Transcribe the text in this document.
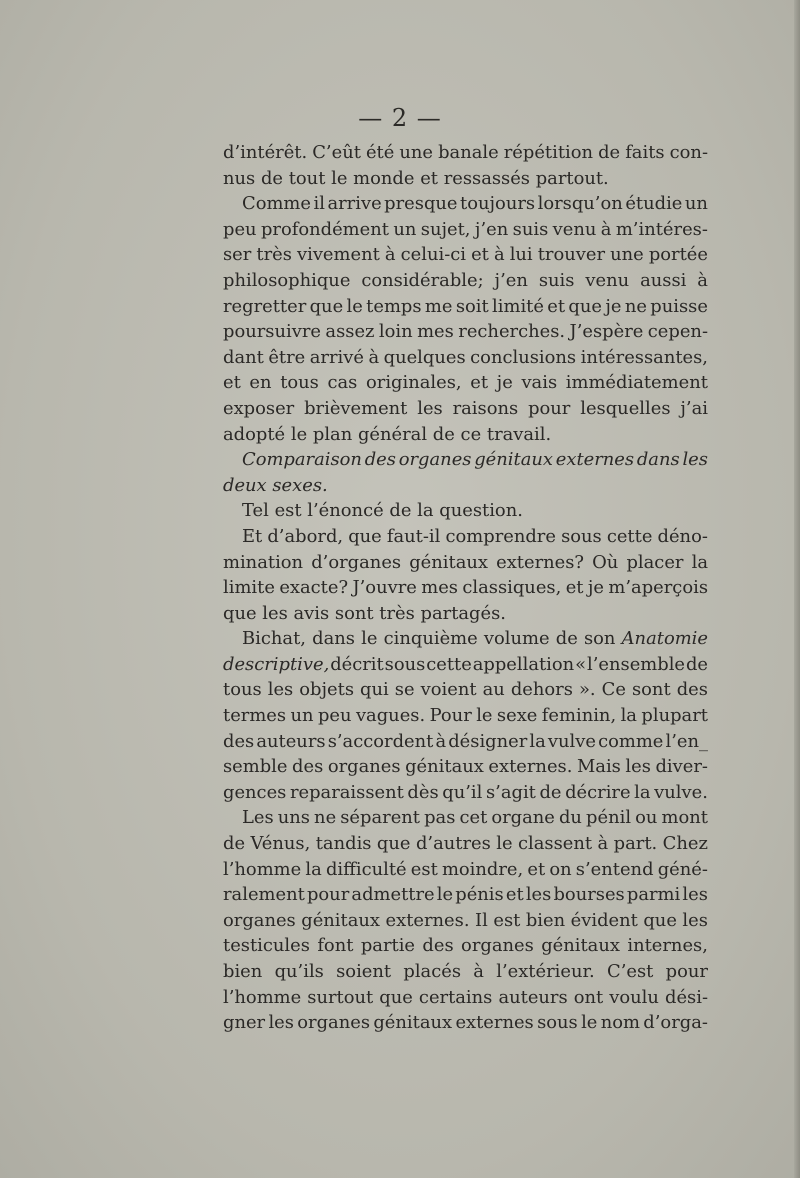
— 2 —
d’intérêt. C’eût été une banale répétition de faits con-
nus de tout le monde et ressassés partout.
Comme il arrive presque toujours lorsqu’on étudie un
peu profondément un sujet, j’en suis venu à m’intéres-
ser très vivement à celui-ci et à lui trouver une portée
philosophique considérable; j’en suis venu aussi à
regretter que le temps me soit limité et que je ne puisse
poursuivre assez loin mes recherches. J’espère cepen-
dant être arrivé à quelques conclusions intéressantes,
et en tous cas originales, et je vais immédiatement
exposer brièvement les raisons pour lesquelles j’ai
adopté le plan général de ce travail.
Comparaison des organes génitaux externes dans les
deux sexes.
Tel est l’énoncé de la question.
Et d’abord, que faut-il comprendre sous cette déno-
mination d’organes génitaux externes? Où placer la
limite exacte? J’ouvre mes classiques, et je m’aperçois
que les avis sont très partagés.
Bichat, dans le cinquième volume de son Anatomie
descriptive, décrit sous cette appellation « l’ensemble de
tous les objets qui se voient au dehors ». Ce sont des
termes un peu vagues. Pour le sexe feminin, la plupart
des auteurs s’accordent à désigner la vulve comme l’en_
semble des organes génitaux externes. Mais les diver-
gences reparaissent dès qu’il s’agit de décrire la vulve.
Les uns ne séparent pas cet organe du pénil ou mont
de Vénus, tandis que d’autres le classent à part. Chez
l’homme la difficulté est moindre, et on s’entend géné-
ralement pour admettre le pénis et les bourses parmi les
organes génitaux externes. Il est bien évident que les
testicules font partie des organes génitaux internes,
bien qu’ils soient placés à l’extérieur. C’est pour
l’homme surtout que certains auteurs ont voulu dési-
gner les organes génitaux externes sous le nom d’orga-
